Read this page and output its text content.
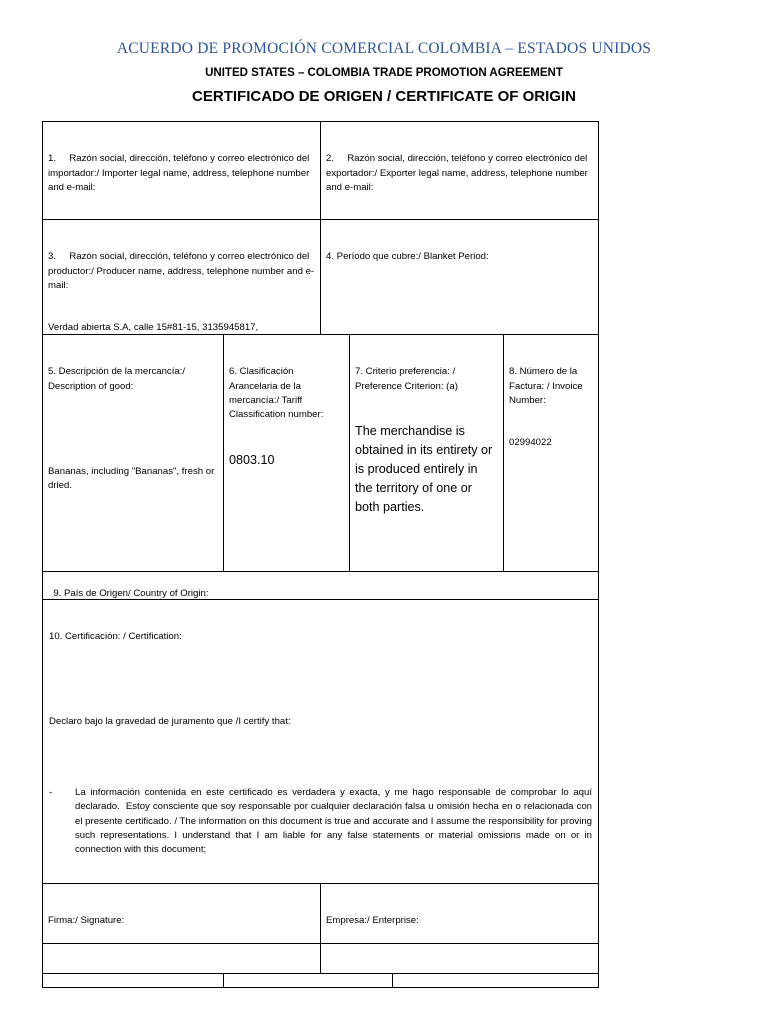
ACUERDO DE PROMOCIÓN COMERCIAL COLOMBIA – ESTADOS UNIDOS
UNITED STATES – COLOMBIA TRADE PROMOTION AGREEMENT
CERTIFICADO DE ORIGEN / CERTIFICATE OF ORIGIN

1.     Razón social, dirección, teléfono y correo electrónico del importador:/ Importer legal name, address, telephone number and e-mail:

2.     Razón social, dirección, teléfono y correo electrónico del exportador:/ Exporter legal name, address, telephone number and e-mail:

3.     Razón social, dirección, teléfono y correo electrónico del productor:/ Producer name, address, telephone number and e-mail:

Verdad abierta S.A, calle 15#81-15, 3135945817,

4. Período que cubre:/ Blanket Period:

5. Descripción de la mercancía:/ Description of good:

Bananas, including "Bananas", fresh or dried.

6. Clasificación Arancelaria de la mercancía:/ Tariff Classification number:

0803.10

7. Criterio preferencia: / Preference Criterion: (a)

The merchandise is obtained in its entirety or is produced entirely in the territory of one or both parties.

8. Número de la Factura: / Invoice Number:

02994022

9. País de Origen/ Country of Origin:

10. Certificación: / Certification:

Declaro bajo la gravedad de juramento que /I certify that:

- La información contenida en este certificado es verdadera y exacta, y me hago responsable de comprobar lo aquí declarado.  Estoy consciente que soy responsable por cualquier declaración falsa u omisión hecha en o relacionada con el presente certificado. / The information on this document is true and accurate and I assume the responsibility for proving such representations. I understand that I am liable for any false statements or material omissions made on or in connection with this document;

Firma:/ Signature:

	Empresa:/ Enterprise:
